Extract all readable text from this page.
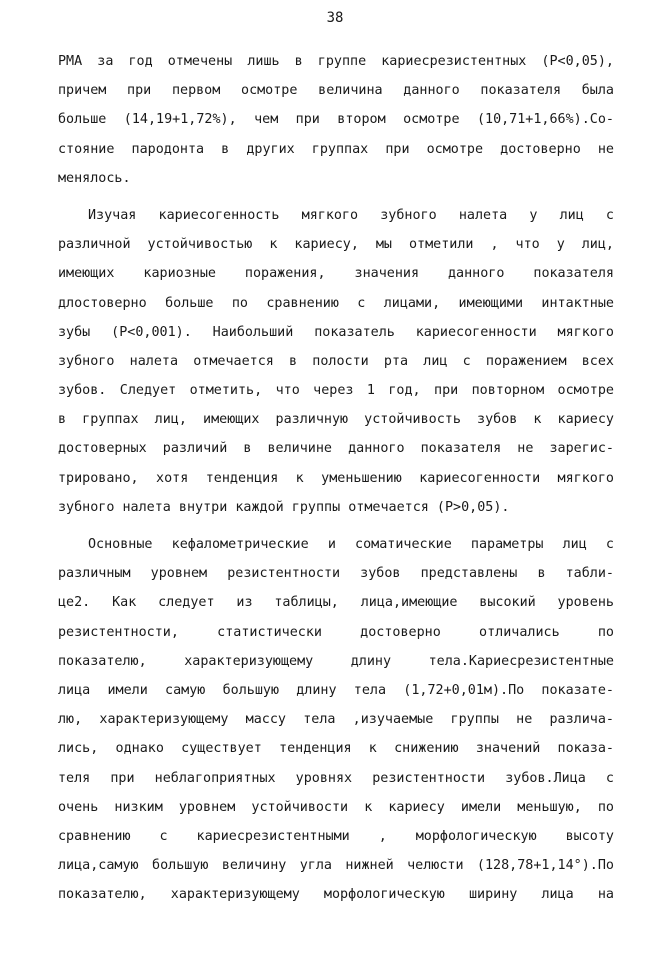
38
РМА за год отмечены лишь в группе кариесрезистентных (Р<0,05),
причем при первом осмотре величина данного показателя была
больше (14,19+1,72%), чем при втором осмотре (10,71+1,66%).Со-
стояние пародонта в других группах при осмотре достоверно не
менялось.
Изучая кариесогенность мягкого зубного налета у лиц с
различной устойчивостью к кариесу, мы отметили , что у лиц,
имеющих кариозные поражения, значения данного показателя
длостоверно больше по сравнению с лицами, имеющими интактные
зубы (Р<0,001). Наибольший показатель кариесогенности мягкого
зубного налета отмечается в полости рта лиц с поражением всех
зубов. Следует отметить, что через 1 год, при повторном осмотре
в группах лиц, имеющих различную устойчивость зубов к кариесу
достоверных различий в величине данного показателя не зарегис-
трировано, хотя тенденция к уменьшению кариесогенности мягкого
зубного налета внутри каждой группы отмечается (Р>0,05).
Основные кефалометрические и соматические параметры лиц с
различным уровнем резистентности зубов представлены в табли-
це2. Как следует из таблицы, лица,имеющие высокий уровень
резистентности, статистически достоверно отличались по
показателю, характеризующему длину тела.Кариесрезистентные
лица имели самую большую длину тела (1,72+0,01м).По показате-
лю, характеризующему массу тела ,изучаемые группы не различа-
лись, однако существует тенденция к снижению значений показа-
теля при неблагоприятных уровнях резистентности зубов.Лица с
очень низким уровнем устойчивости к кариесу имели меньшую, по
сравнению с кариесрезистентными , морфологическую высоту
лица,самую большую величину угла нижней челюсти (128,78+1,14°).По
показателю, характеризующему морфологическую ширину лица на
